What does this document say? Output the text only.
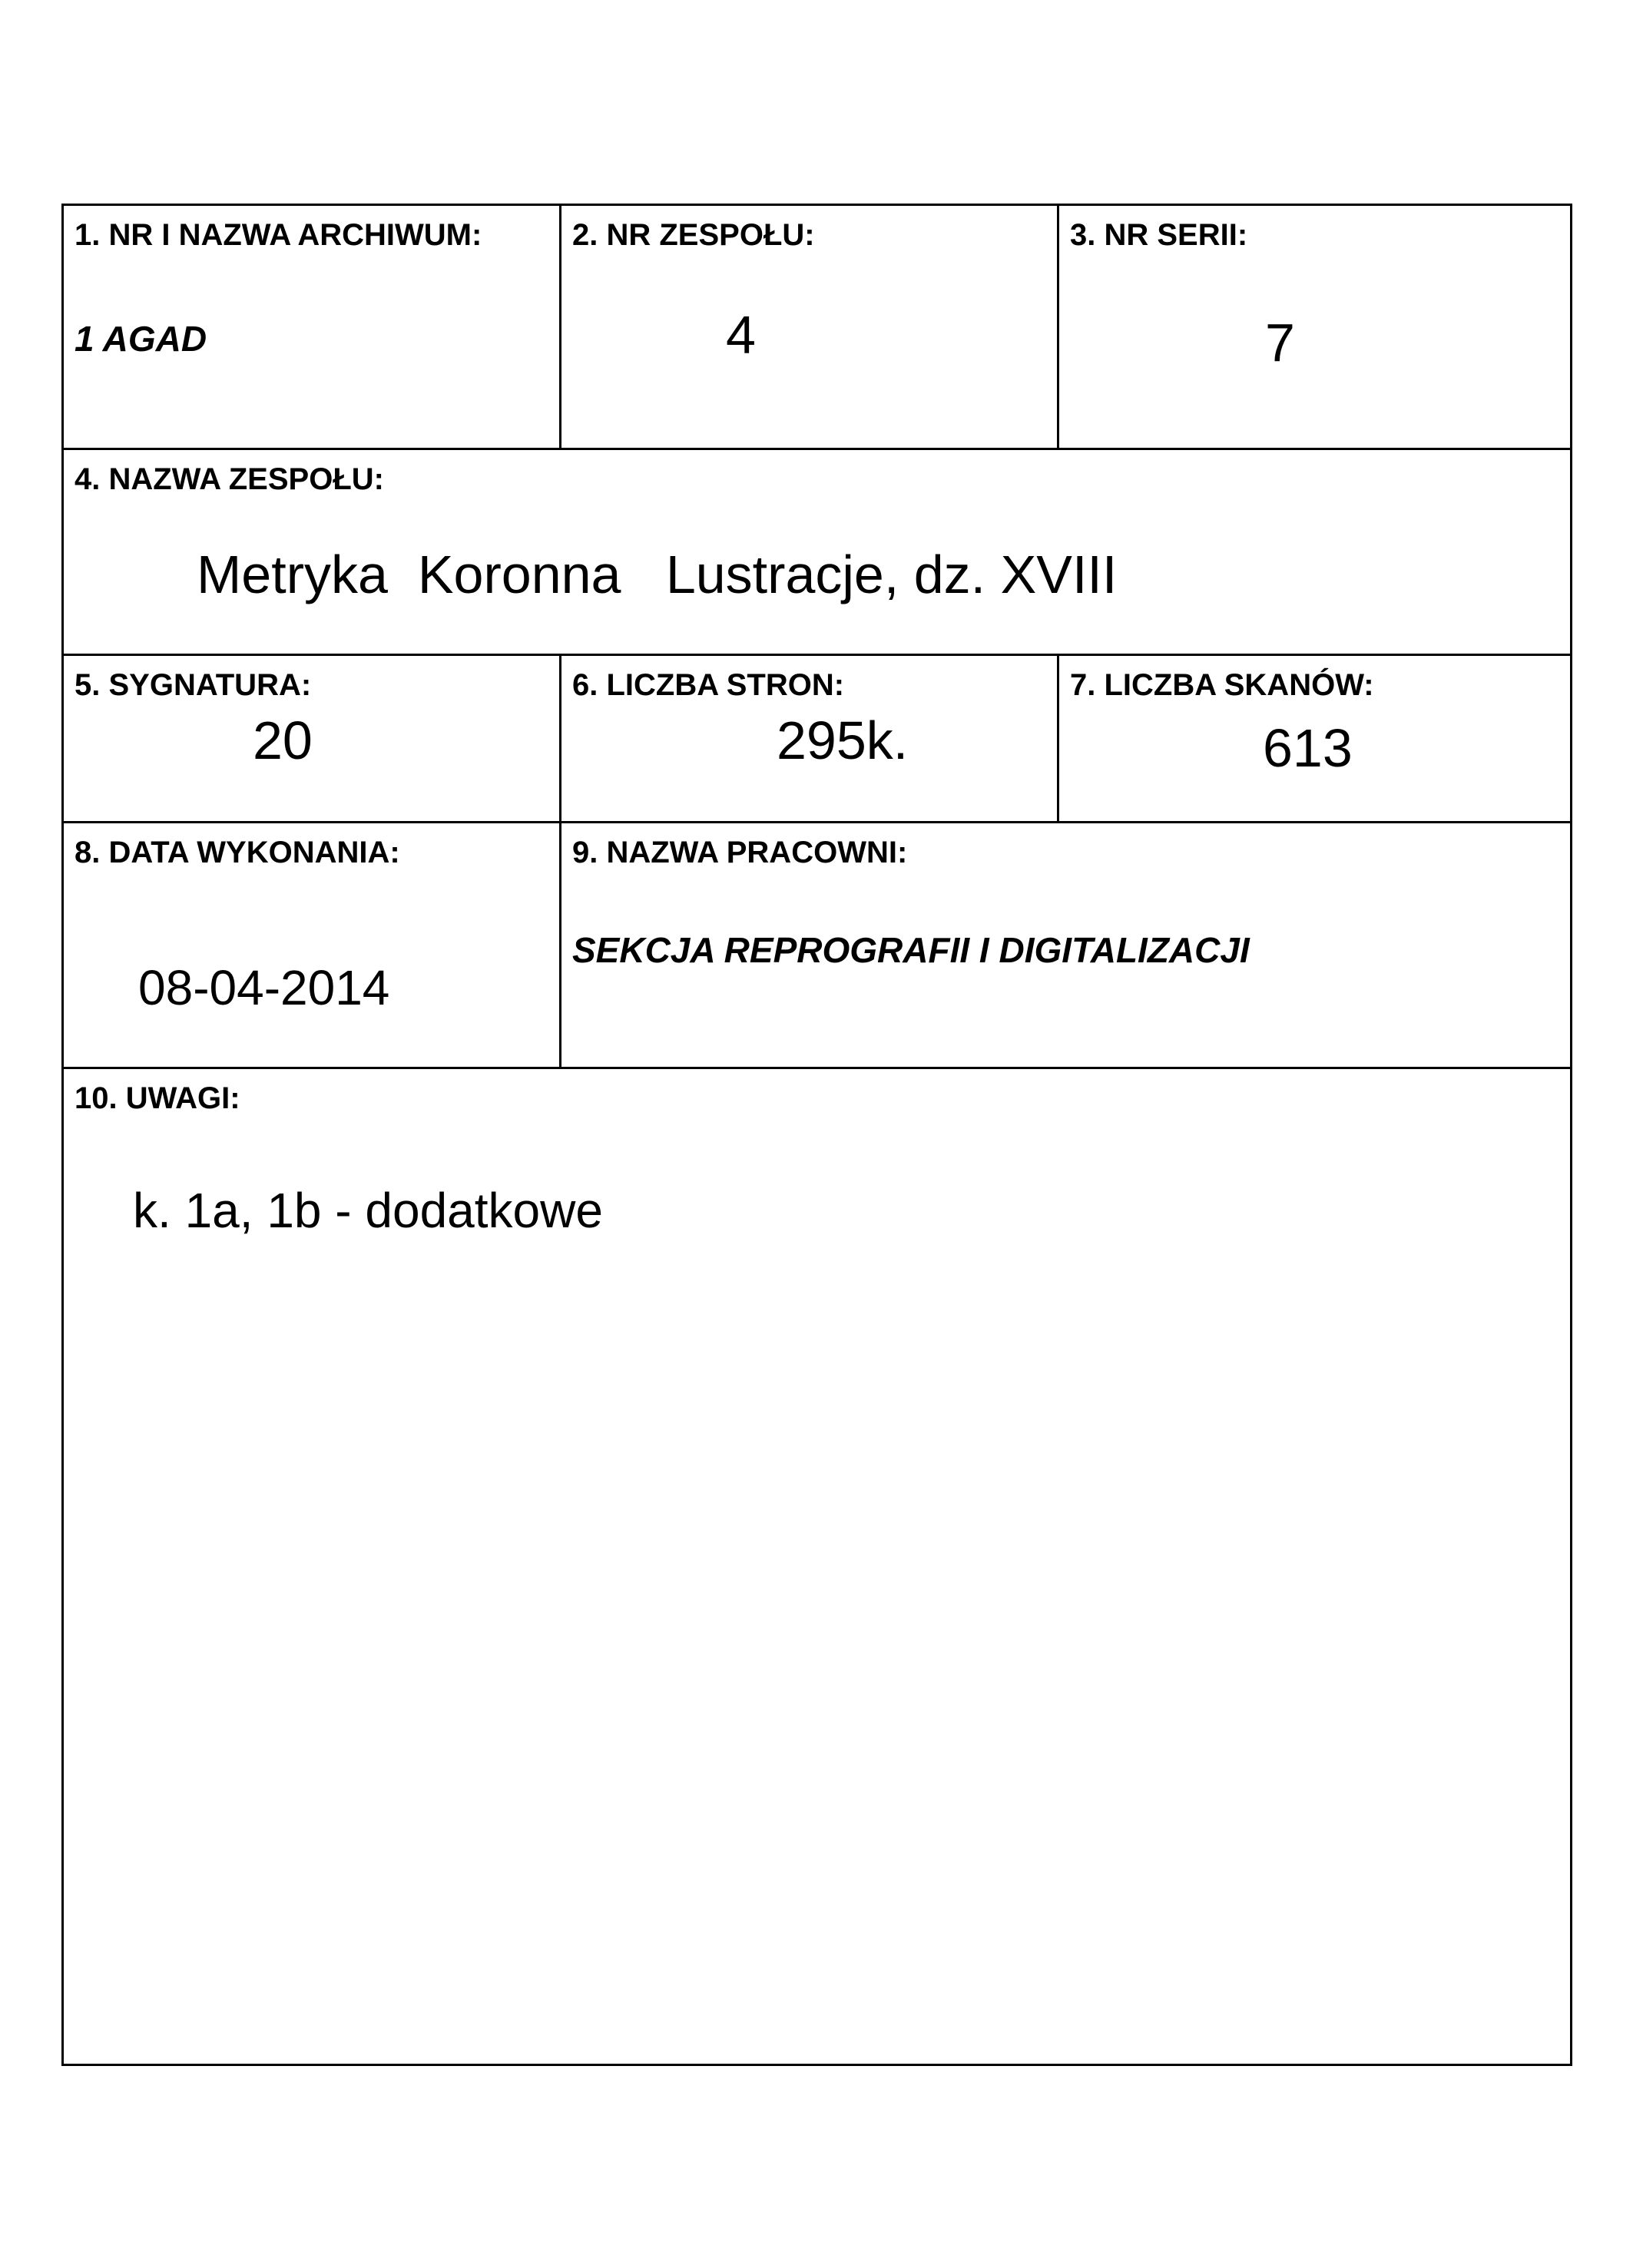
1. NR I NAZWA ARCHIWUM:
1 AGAD
2. NR ZESPOŁU:
4
3. NR SERII:
7
4. NAZWA ZESPOŁU:
Metryka  Koronna   Lustracje, dz. XVIII
5. SYGNATURA:
20
6. LICZBA STRON:
295k.
7. LICZBA SKANÓW:
613
8. DATA WYKONANIA:
08-04-2014
9. NAZWA PRACOWNI:
SEKCJA REPROGRAFII I DIGITALIZACJI
10. UWAGI:
k. 1a, 1b - dodatkowe
